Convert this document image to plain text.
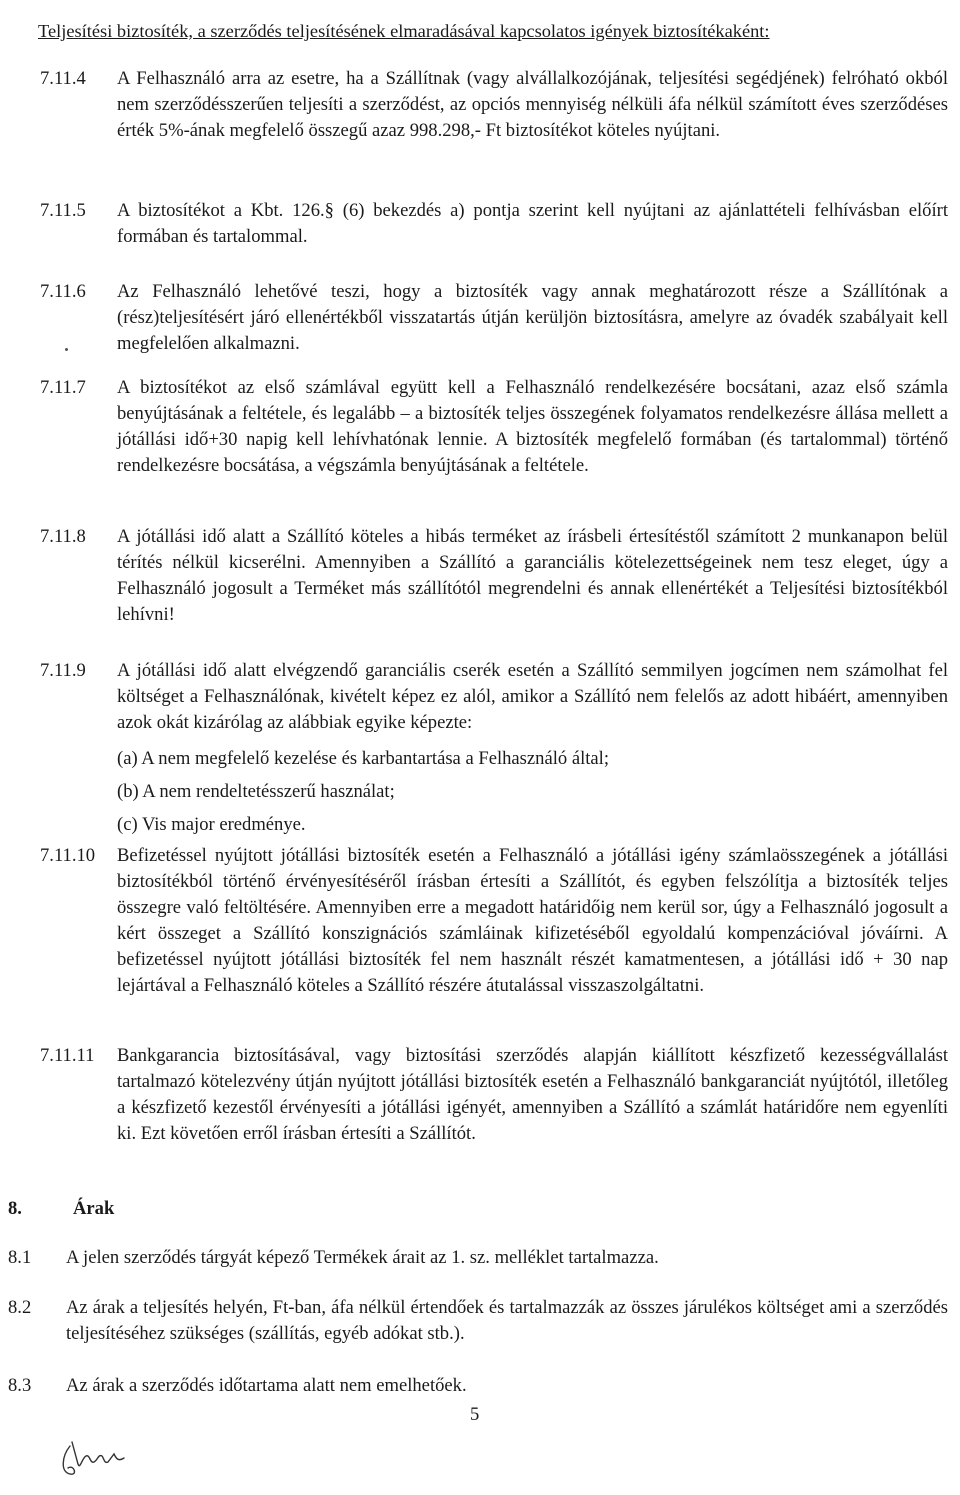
Teljesítési biztosíték, a szerződés teljesítésének elmaradásával kapcsolatos igények biztosítékaként:
7.11.4 A Felhasználó arra az esetre, ha a Szállítnak (vagy alvállalkozójának, teljesítési segédjének) felróható okból nem szerződésszerűen teljesíti a szerződést, az opciós mennyiség nélküli áfa nélkül számított éves szerződéses érték 5%-ának megfelelő összegű azaz 998.298,- Ft biztosítékot köteles nyújtani.
7.11.5 A biztosítékot a Kbt. 126.§ (6) bekezdés a) pontja szerint kell nyújtani az ajánlattételi felhívásban előírt formában és tartalommal.
7.11.6 Az Felhasználó lehetővé teszi, hogy a biztosíték vagy annak meghatározott része a Szállítónak a (rész)teljesítésért járó ellenértékből visszatartás útján kerüljön biztosításra, amelyre az óvadék szabályait kell megfelelően alkalmazni.
7.11.7 A biztosítékot az első számlával együtt kell a Felhasználó rendelkezésére bocsátani, azaz első számla benyújtásának a feltétele, és legalább – a biztosíték teljes összegének folyamatos rendelkezésre állása mellett a jótállási idő+30 napig kell lehívhatónak lennie. A biztosíték megfelelő formában (és tartalommal) történő rendelkezésre bocsátása, a végszámla benyújtásának a feltétele.
7.11.8 A jótállási idő alatt a Szállító köteles a hibás terméket az írásbeli értesítéstől számított 2 munkanapon belül térítés nélkül kicserélni. Amennyiben a Szállító a garanciális kötelezettségeinek nem tesz eleget, úgy a Felhasználó jogosult a Terméket más szállítótól megrendelni és annak ellenértékét a Teljesítési biztosítékból lehívni!
7.11.9 A jótállási idő alatt elvégzendő garanciális cserék esetén a Szállító semmilyen jogcímen nem számolhat fel költséget a Felhasználónak, kivételt képez ez alól, amikor a Szállító nem felelős az adott hibáért, amennyiben azok okát kizárólag az alábbiak egyike képezte:
(a) A nem megfelelő kezelése és karbantartása a Felhasználó által;
(b) A nem rendeltetésszerű használat;
(c) Vis major eredménye.
7.11.10 Befizetéssel nyújtott jótállási biztosíték esetén a Felhasználó a jótállási igény számlaösszegének a jótállási biztosítékból történő érvényesítéséről írásban értesíti a Szállítót, és egyben felszólítja a biztosíték teljes összegre való feltöltésére. Amennyiben erre a megadott határidőig nem kerül sor, úgy a Felhasználó jogosult a kért összeget a Szállító konszignációs számláinak kifizetéséből egyoldalú kompenzációval jóváírni. A befizetéssel nyújtott jótállási biztosíték fel nem használt részét kamatmentesen, a jótállási idő + 30 nap lejártával a Felhasználó köteles a Szállító részére átutalással visszaszolgáltatni.
7.11.11 Bankgarancia biztosításával, vagy biztosítási szerződés alapján kiállított készfizető kezességvállalást tartalmazó kötelezvény útján nyújtott jótállási biztosíték esetén a Felhasználó bankgaranciát nyújtótól, illetőleg a készfizető kezestől érvényesíti a jótállási igényét, amennyiben a Szállító a számlát határidőre nem egyenlíti ki. Ezt követően erről írásban értesíti a Szállítót.
8.	Árak
8.1 A jelen szerződés tárgyát képező Termékek árait az 1. sz. melléklet tartalmazza.
8.2 Az árak a teljesítés helyén, Ft-ban, áfa nélkül értendőek és tartalmazzák az összes járulékos költséget ami a szerződés teljesítéséhez szükséges (szállítás, egyéb adókat stb.).
8.3 Az árak a szerződés időtartama alatt nem emelhetőek.
5
